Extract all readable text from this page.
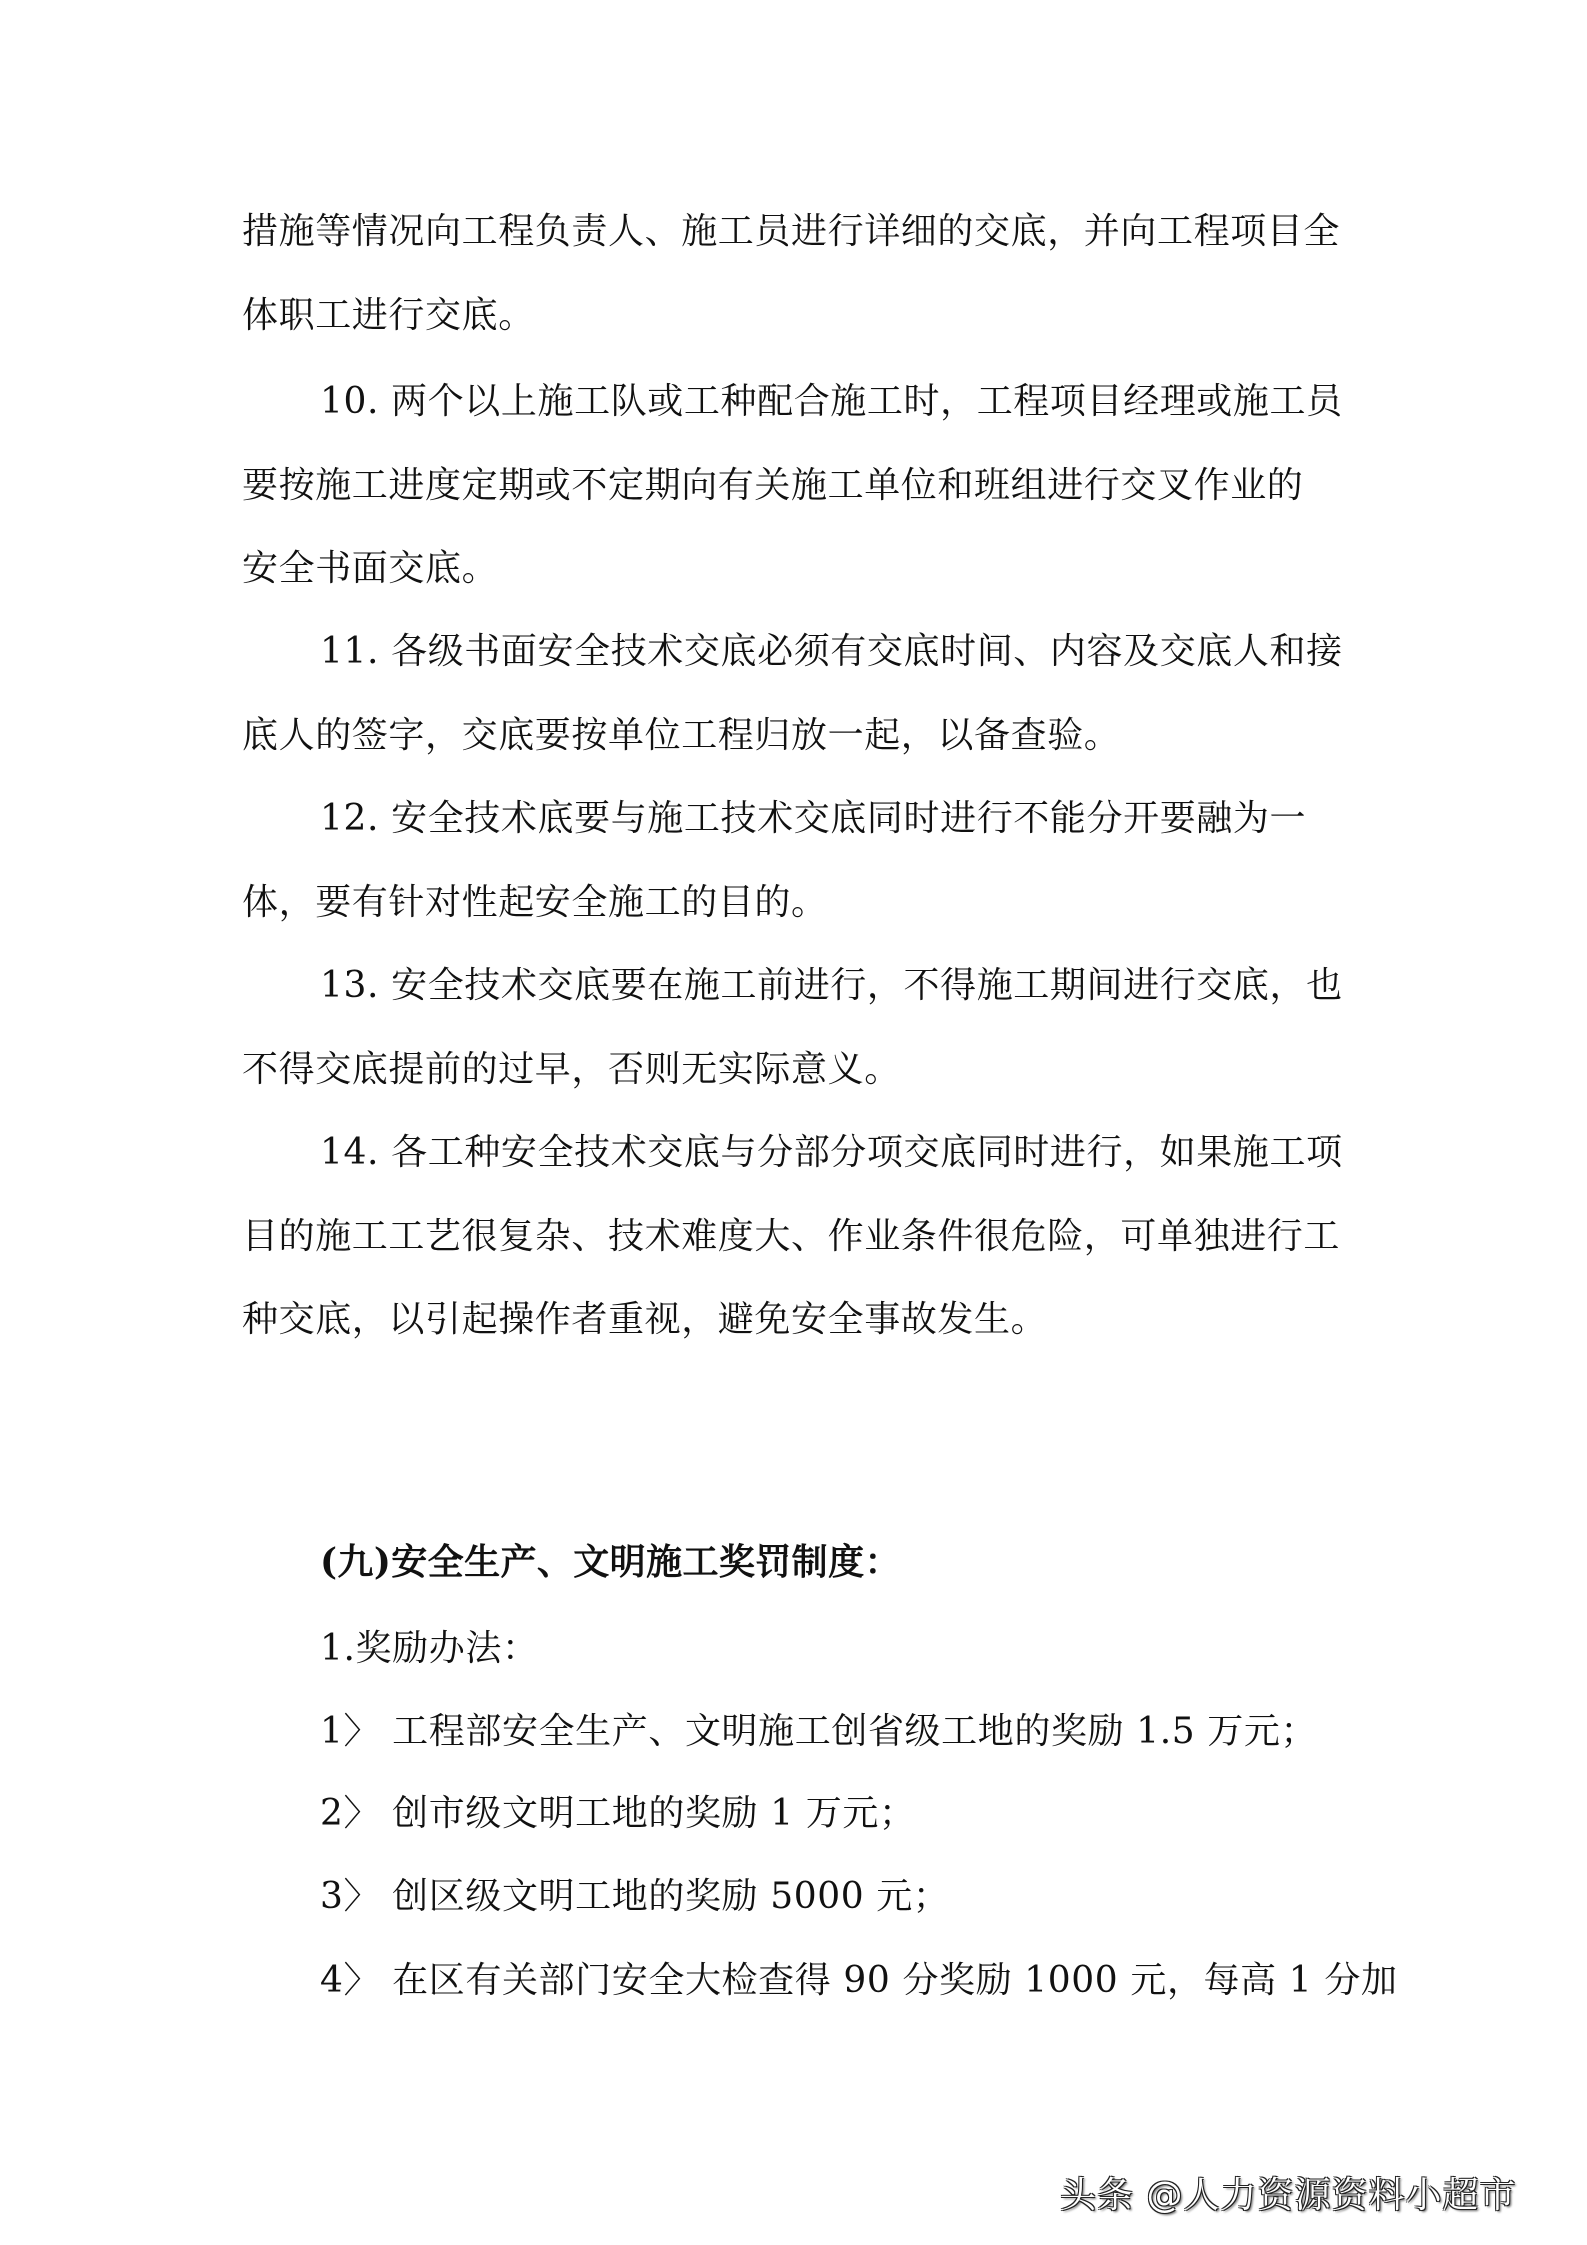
措施等情况向工程负责人、施工员进行详细的交底，并向工程项目全
体职工进行交底。
10. 两个以上施工队或工种配合施工时，工程项目经理或施工员
要按施工进度定期或不定期向有关施工单位和班组进行交叉作业的
安全书面交底。
11. 各级书面安全技术交底必须有交底时间、内容及交底人和接
底人的签字，交底要按单位工程归放一起，以备查验。
12. 安全技术底要与施工技术交底同时进行不能分开要融为一
体，要有针对性起安全施工的目的。
13. 安全技术交底要在施工前进行，不得施工期间进行交底，也
不得交底提前的过早，否则无实际意义。
14. 各工种安全技术交底与分部分项交底同时进行，如果施工项
目的施工工艺很复杂、技术难度大、作业条件很危险，可单独进行工
种交底，以引起操作者重视，避免安全事故发生。
(九)安全生产、文明施工奖罚制度：
1.奖励办法：
1〉 工程部安全生产、文明施工创省级工地的奖励 1.5 万元；
2〉 创市级文明工地的奖励 1 万元；
3〉 创区级文明工地的奖励 5000 元；
4〉 在区有关部门安全大检查得 90 分奖励 1000 元，每高 1 分加
头条 @人力资源资料小超市
